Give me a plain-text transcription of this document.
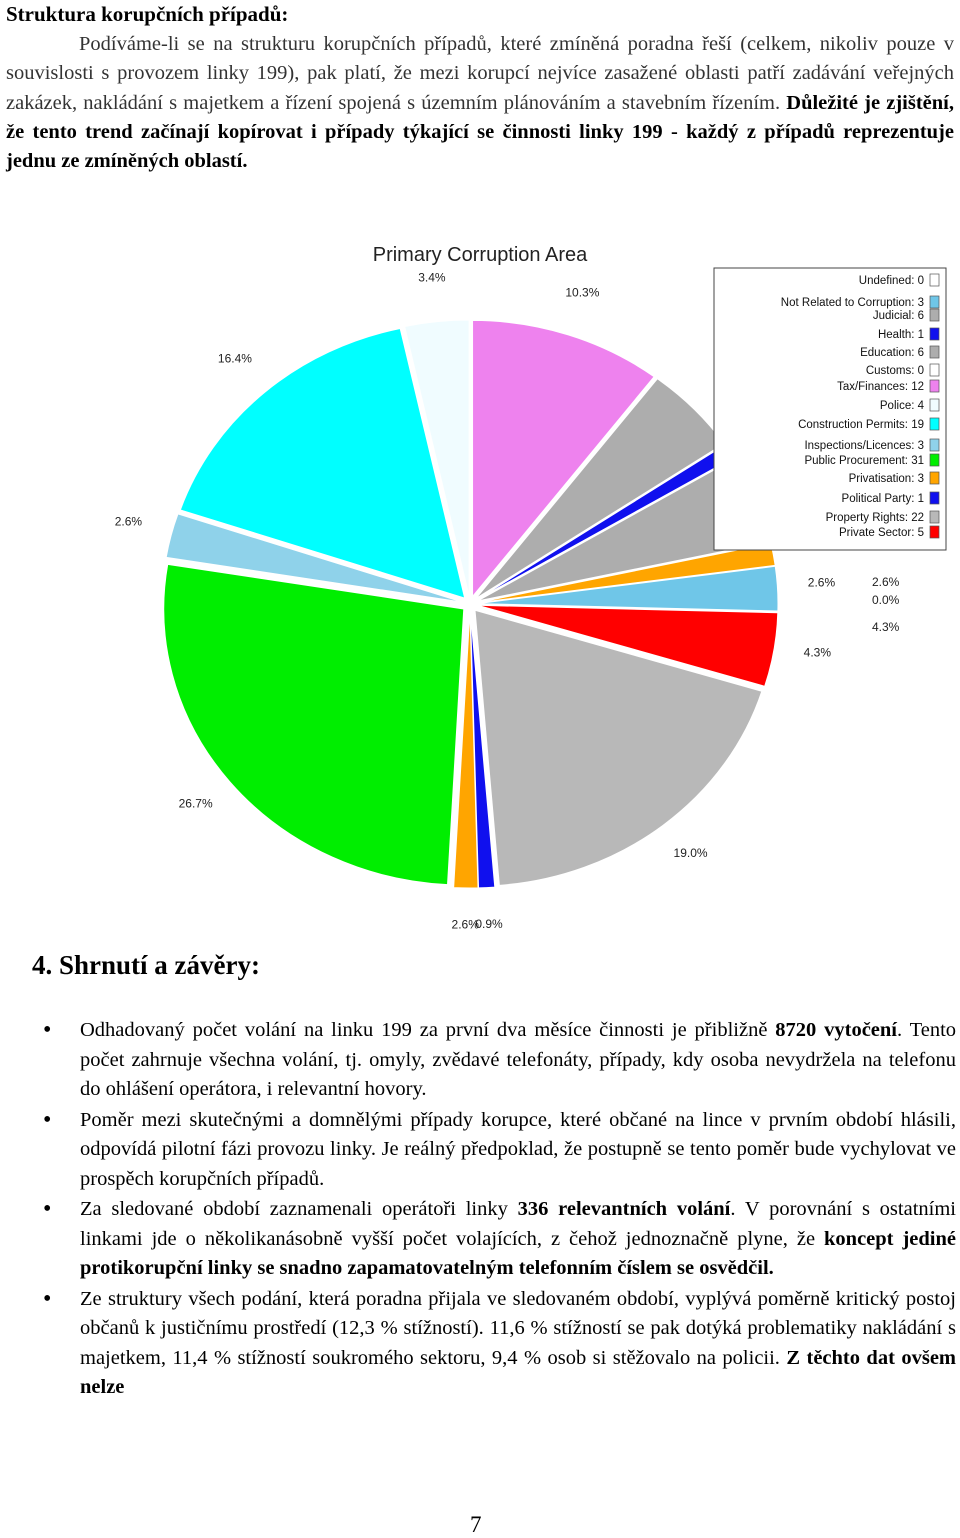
Struktura korupčních případů:
Podíváme-li se na strukturu korupčních případů, které zmíněná poradna řeší (celkem, nikoliv pouze v souvislosti s provozem linky 199), pak platí, že mezi korupcí nejvíce zasažené oblasti patří zadávání veřejných zakázek, nakládání s majetkem a řízení spojená s územním plánováním a stavebním řízením. Důležité je zjištění, že tento trend začínají kopírovat i případy týkající se činnosti linky 199 - každý z případů reprezentuje jednu ze zmíněných oblastí.
Primary Corruption Area
10.3%
2.6%
4.3%
19.0%
0.9%
2.6%
26.7%
2.6%
16.4%
3.4%
2.6%
0.0%
4.3%
Undefined: 0
Not Related to Corruption: 3
Judicial: 6
Health: 1
Education: 6
Customs: 0
Tax/Finances: 12
Police: 4
Construction Permits: 19
Inspections/Licences: 3
Public Procurement: 31
Privatisation: 3
Political Party: 1
Property Rights: 22
Private Sector: 5
4. Shrnutí a závěry:
• Odhadovaný počet volání na linku 199 za první dva měsíce činnosti je přibližně 8720 vytočení. Tento počet zahrnuje všechna volání, tj. omyly, zvědavé telefonáty, případy, kdy osoba nevydržela na telefonu do ohlášení operátora, i relevantní hovory.
• Poměr mezi skutečnými a domnělými případy korupce, které občané na lince v prvním období hlásili, odpovídá pilotní fázi provozu linky. Je reálný předpoklad, že postupně se tento poměr bude vychylovat ve prospěch korupčních případů.
• Za sledované období zaznamenali operátoři linky 336 relevantních volání. V porovnání s ostatními linkami jde o několikanásobně vyšší počet volajících, z čehož jednoznačně plyne, že koncept jediné protikorupční linky se snadno zapamatovatelným telefonním číslem se osvědčil.
• Ze struktury všech podání, která poradna přijala ve sledovaném období, vyplývá poměrně kritický postoj občanů k justičnímu prostředí (12,3 % stížností). 11,6 % stížností se pak dotýká problematiky nakládání s majetkem, 11,4 % stížností soukromého sektoru, 9,4 % osob si stěžovalo na policii. Z těchto dat ovšem nelze
7
